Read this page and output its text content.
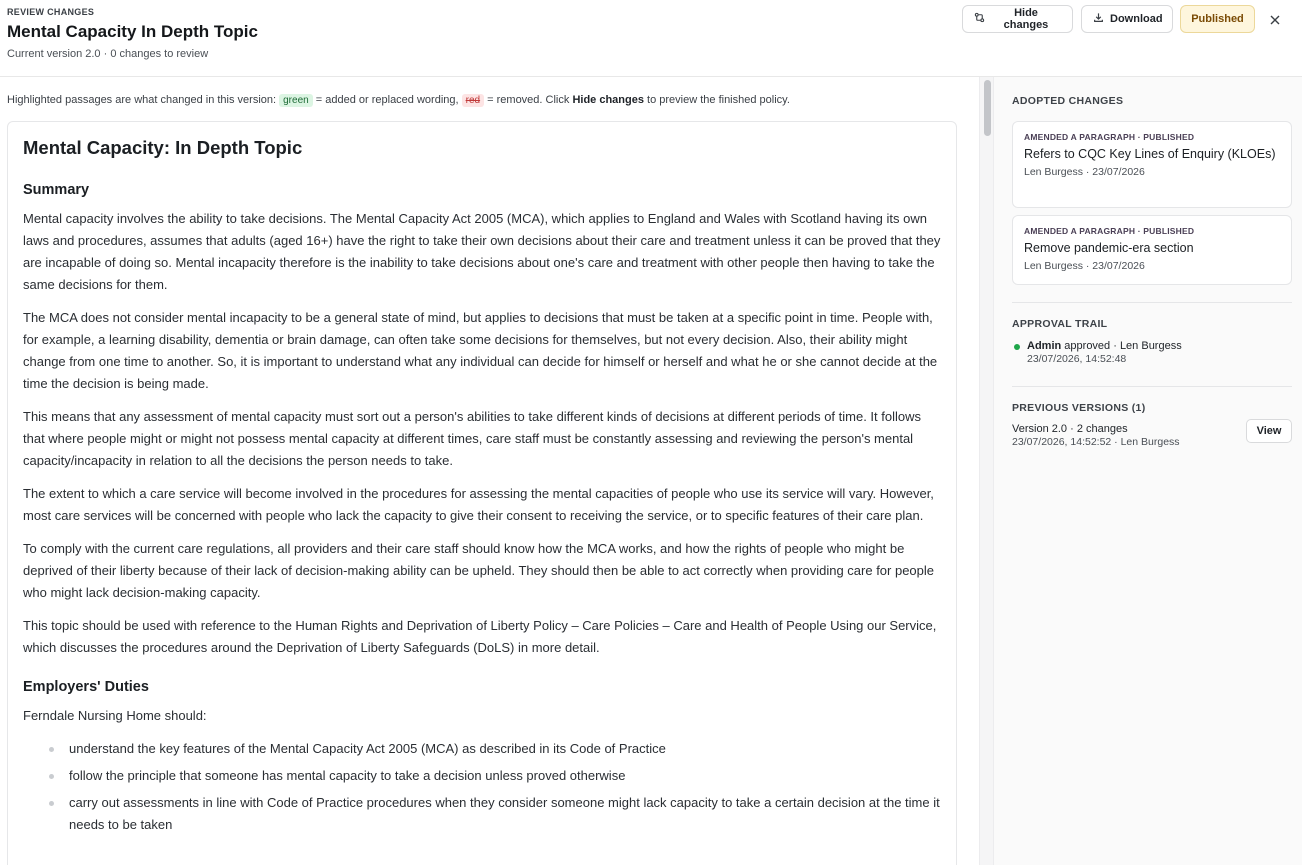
REVIEW CHANGES
Mental Capacity In Depth Topic
Current version 2.0 · 0 changes to review
Hide changes	Download	Published
Highlighted passages are what changed in this version: green = added or replaced wording, red = removed. Click Hide changes to preview the finished policy.
Mental Capacity: In Depth Topic
Summary

Mental capacity involves the ability to take decisions. The Mental Capacity Act 2005 (MCA), which applies to England and Wales with Scotland having its own laws and procedures, assumes that adults (aged 16+) have the right to take their own decisions about their care and treatment unless it can be proved that they are incapable of doing so. Mental incapacity therefore is the inability to take decisions about one's care and treatment with other people then having to take the same decisions for them.

The MCA does not consider mental incapacity to be a general state of mind, but applies to decisions that must be taken at a specific point in time. People with, for example, a learning disability, dementia or brain damage, can often take some decisions for themselves, but not every decision. Also, their ability might change from one time to another. So, it is important to understand what any individual can decide for himself or herself and what he or she cannot decide at the time the decision is being made.

This means that any assessment of mental capacity must sort out a person's abilities to take different kinds of decisions at different periods of time. It follows that where people might or might not possess mental capacity at different times, care staff must be constantly assessing and reviewing the person's mental capacity/incapacity in relation to all the decisions the person needs to take.

The extent to which a care service will become involved in the procedures for assessing the mental capacities of people who use its service will vary. However, most care services will be concerned with people who lack the capacity to give their consent to receiving the service, or to specific features of their care plan.

To comply with the current care regulations, all providers and their care staff should know how the MCA works, and how the rights of people who might be deprived of their liberty because of their lack of decision-making ability can be upheld. They should then be able to act correctly when providing care for people who might lack decision-making capacity.

This topic should be used with reference to the Human Rights and Deprivation of Liberty Policy – Care Policies – Care and Health of People Using our Service, which discusses the procedures around the Deprivation of Liberty Safeguards (DoLS) in more detail.

Employers' Duties

Ferndale Nursing Home should:

understand the key features of the Mental Capacity Act 2005 (MCA) as described in its Code of Practice
follow the principle that someone has mental capacity to take a decision unless proved otherwise
carry out assessments in line with Code of Practice procedures when they consider someone might lack capacity to take a certain decision at the time it needs to be taken
ADOPTED CHANGES
AMENDED A PARAGRAPH · PUBLISHED
Refers to CQC Key Lines of Enquiry (KLOEs)
Len Burgess · 23/07/2026
AMENDED A PARAGRAPH · PUBLISHED
Remove pandemic-era section
Len Burgess · 23/07/2026
APPROVAL TRAIL
Admin approved · Len Burgess
23/07/2026, 14:52:48
PREVIOUS VERSIONS (1)
Version 2.0 · 2 changes
23/07/2026, 14:52:52 · Len Burgess
View
